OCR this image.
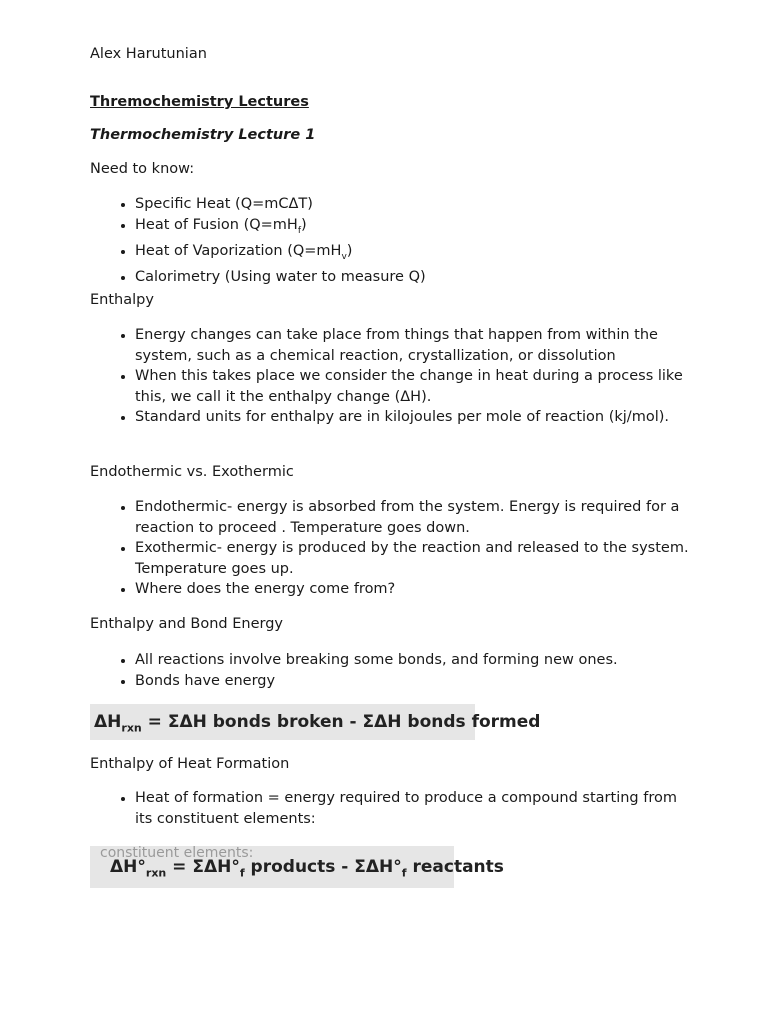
Alex Harutunian
Thremochemistry Lectures
Thermochemistry Lecture 1
Need to know:
• Specific Heat (Q=mCΔT)
• Heat of Fusion $(Q=mH_f)$
• Heat of Vaporization $(Q=mH_v)$
• Calorimetry (Using water to measure Q)
Enthalpy
• Energy changes can take place from things that happen from within the system, such as a chemical reaction, crystallization, or dissolution
• When this takes place we consider the change in heat during a process like this, we call it the enthalpy change (ΔH).
• Standard units for enthalpy are in kilojoules per mole of reaction (kj/mol).
Endothermic vs. Exothermic
• Endothermic- energy is absorbed from the system. Energy is required for a reaction to proceed . Temperature goes down.
• Exothermic- energy is produced by the reaction and released to the system. Temperature goes up.
• Where does the energy come from?
Enthalpy and Bond Energy
• All reactions involve breaking some bonds, and forming new ones.
• Bonds have energy
$\Delta H_{rxn} = \Sigma\Delta H$ bonds broken - ΣΔH bonds formed
Enthalpy of Heat Formation
• Heat of formation = energy required to produce a compound starting from its constituent elements:
constituent elements:
$\Delta H^\circ_{rxn} = \Sigma\Delta H^\circ_f$ products - $\Sigma\Delta H^\circ_f$ reactants
